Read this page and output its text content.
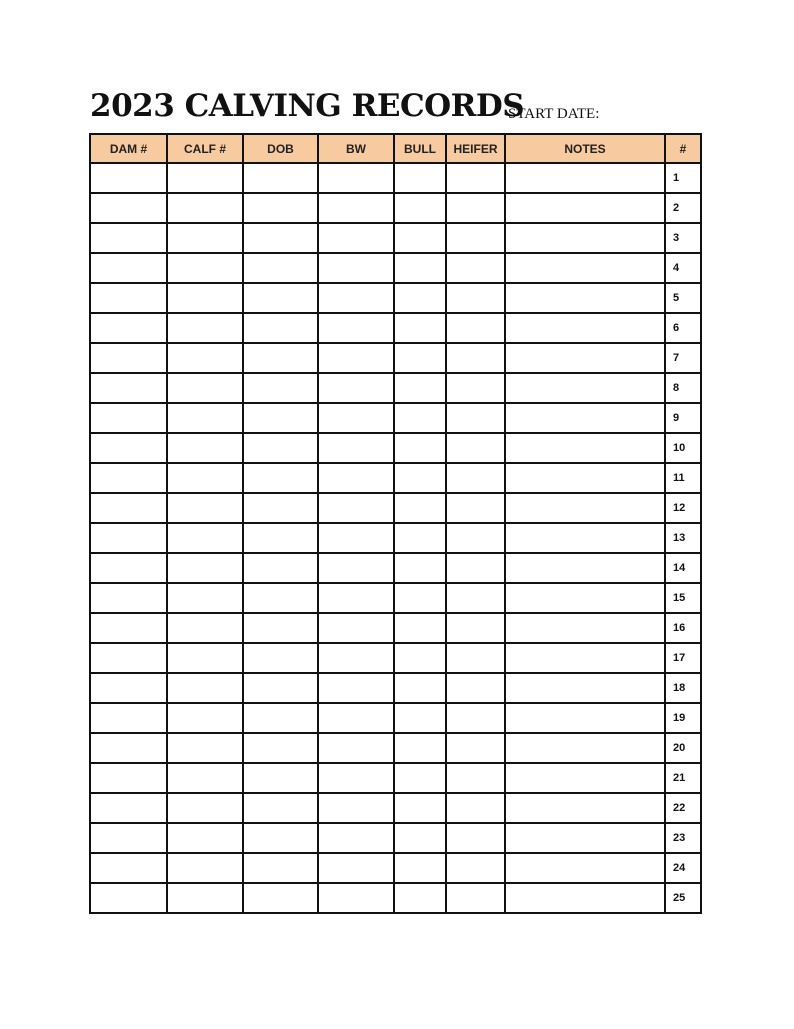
2023 CALVING RECORDS
START DATE:
DAM #	CALF #	DOB	BW	BULL	HEIFER	NOTES	#
							1
							2
							3
							4
							5
							6
							7
							8
							9
							10
							11
							12
							13
							14
							15
							16
							17
							18
							19
							20
							21
							22
							23
							24
							25
